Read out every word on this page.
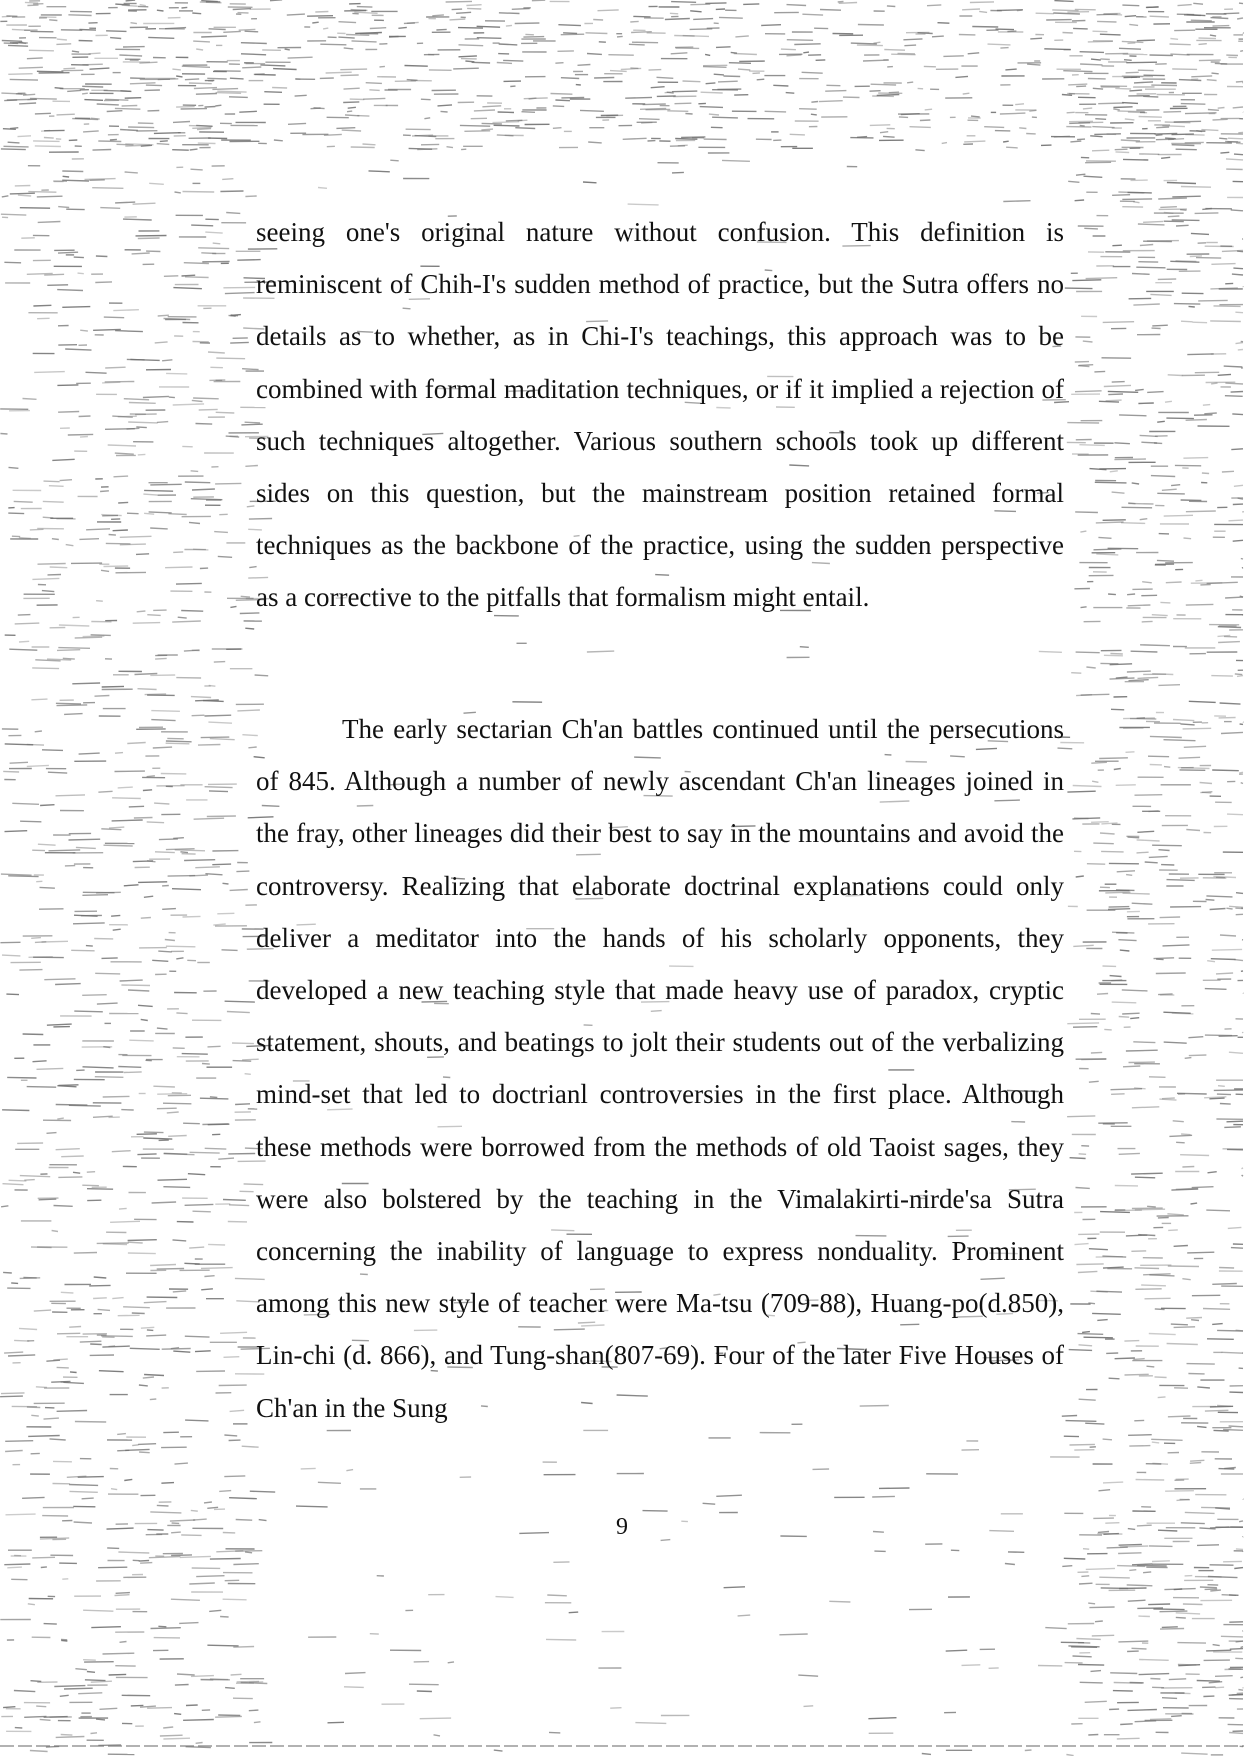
seeing one's original nature without confusion. This definition is reminiscent of Chih-I's sudden method of practice, but the Sutra offers no details as to whether, as in Chi-I's teachings, this approach was to be combined with formal maditation techniques, or if it implied a rejection of such techniques altogether. Various southern schools took up different sides on this question, but the mainstream position retained formal techniques as the backbone of the practice, using the sudden perspective as a corrective to the pitfalls that formalism might entail.

The early sectarian Ch'an battles continued until the persecutions of 845. Although a number of newly ascendant Ch'an lineages joined in the fray, other lineages did their best to say in the mountains and avoid the controversy. Realizing that elaborate doctrinal explanations could only deliver a meditator into the hands of his scholarly opponents, they developed a new teaching style that made heavy use of paradox, cryptic statement, shouts, and beatings to jolt their students out of the verbalizing mind-set that led to doctrianl controversies in the first place. Although these methods were borrowed from the methods of old Taoist sages, they were also bolstered by the teaching in the Vimalakirti-nirde'sa Sutra concerning the inability of language to express nonduality. Prominent among this new style of teacher were Ma-tsu (709-88), Huang-po(d.850), Lin-chi (d. 866), and Tung-shan(807-69). Four of the later Five Houses of Ch'an in the Sung

9
